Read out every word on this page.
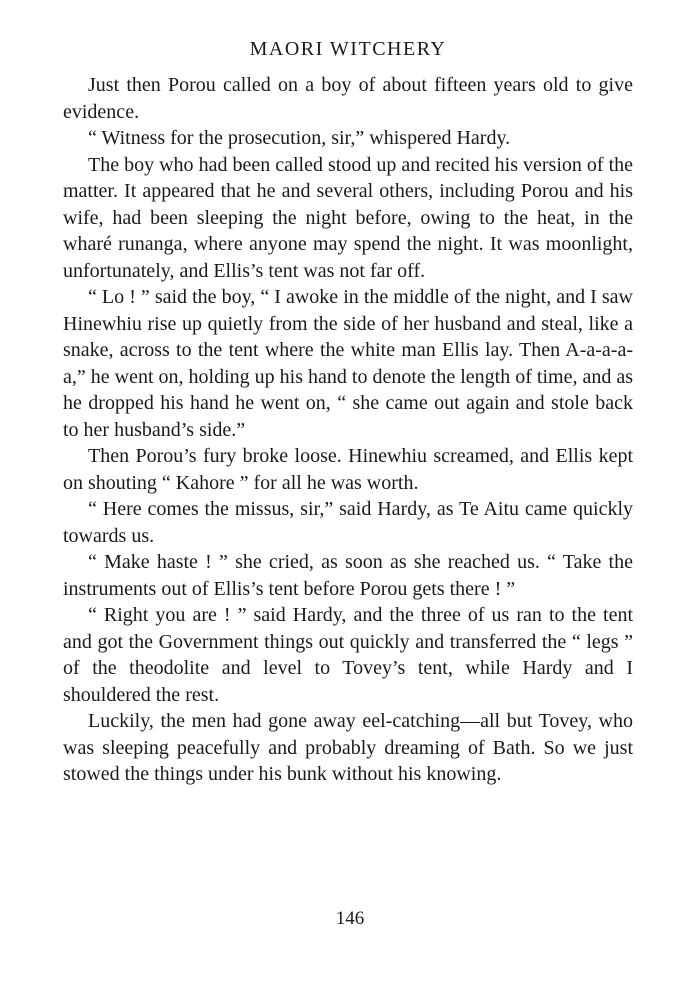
MAORI WITCHERY

Just then Porou called on a boy of about fifteen years old to give evidence.

“ Witness for the prosecution, sir,” whispered Hardy.

The boy who had been called stood up and recited his version of the matter. It appeared that he and several others, including Porou and his wife, had been sleeping the night before, owing to the heat, in the wharé runanga, where anyone may spend the night. It was moonlight, unfortunately, and Ellis’s tent was not far off.

“ Lo ! ” said the boy, “ I awoke in the middle of the night, and I saw Hinewhiu rise up quietly from the side of her husband and steal, like a snake, across to the tent where the white man Ellis lay. Then A-a-a-a-a,” he went on, holding up his hand to denote the length of time, and as he dropped his hand he went on, “ she came out again and stole back to her husband’s side.”

Then Porou’s fury broke loose. Hinewhiu screamed, and Ellis kept on shouting “ Kahore ” for all he was worth.

“ Here comes the missus, sir,” said Hardy, as Te Aitu came quickly towards us.

“ Make haste ! ” she cried, as soon as she reached us. “ Take the instruments out of Ellis’s tent before Porou gets there ! ”

“ Right you are ! ” said Hardy, and the three of us ran to the tent and got the Government things out quickly and transferred the “ legs ” of the theodolite and level to Tovey’s tent, while Hardy and I shouldered the rest.

Luckily, the men had gone away eel-catching—all but Tovey, who was sleeping peacefully and probably dreaming of Bath. So we just stowed the things under his bunk without his knowing.

146
